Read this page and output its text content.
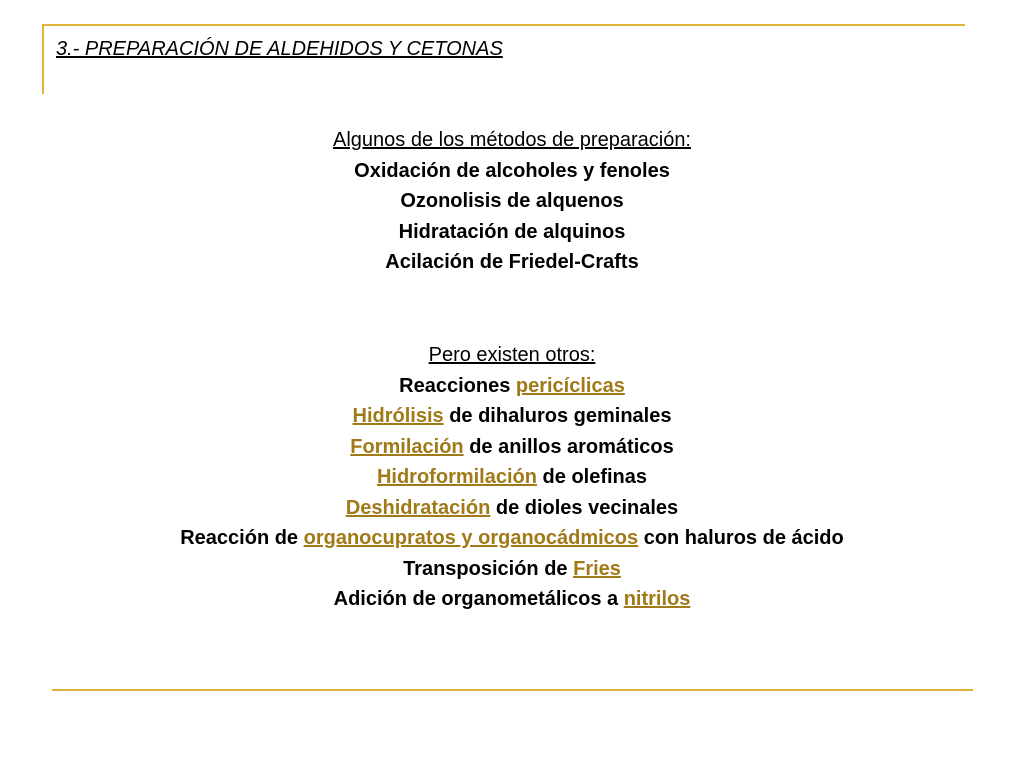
3.- PREPARACIÓN DE ALDEHIDOS Y CETONAS
Algunos de los métodos de preparación:
Oxidación de alcoholes y fenoles
Ozonolisis de alquenos
Hidratación de alquinos
Acilación de Friedel-Crafts
Pero existen otros:
Reacciones pericíclicas
Hidrólisis de dihaluros geminales
Formilación de anillos aromáticos
Hidroformilación de olefinas
Deshidratación de dioles vecinales
Reacción de organocupratos y organocádmicos con haluros de ácido
Transposición de Fries
Adición de organometálicos a nitrilos
